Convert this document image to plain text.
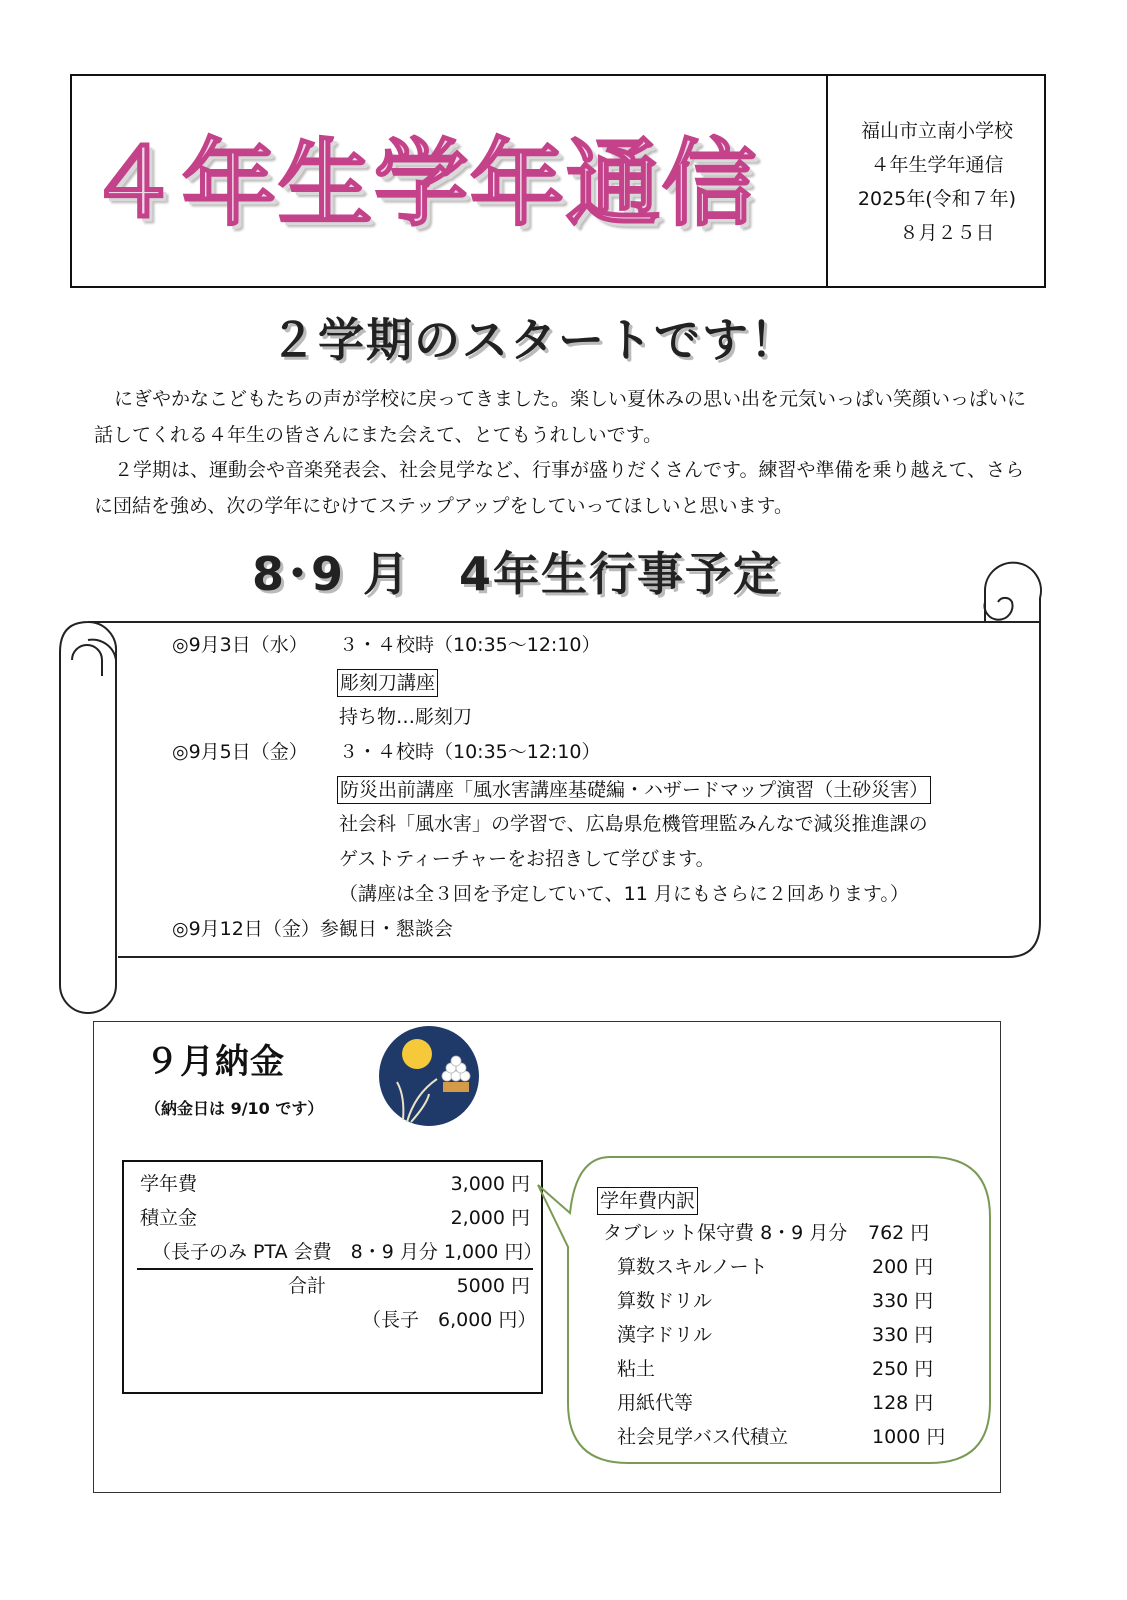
４年生学年通信	福山市立南小学校
４年生学年通信
2025年(令和７年)
８月２５日
２学期のスタートです！
にぎやかなこどもたちの声が学校に戻ってきました。楽しい夏休みの思い出を元気いっぱい笑顔いっぱいに話してくれる４年生の皆さんにまた会えて、とてもうれしいです。
２学期は、運動会や音楽発表会、社会見学など、行事が盛りだくさんです。練習や準備を乗り越えて、さらに団結を強め、次の学年にむけてステップアップをしていってほしいと思います。
8･9 月　4年生行事予定
◎9月3日（水） ３・４校時（10:35～12:10）
彫刻刀講座
持ち物…彫刻刀
◎9月5日（金） ３・４校時（10:35～12:10）
防災出前講座「風水害講座基礎編・ハザードマップ演習（土砂災害）
社会科「風水害」の学習で、広島県危機管理監みんなで減災推進課の
ゲストティーチャーをお招きして学びます。
（講座は全３回を予定していて、11 月にもさらに２回あります。）
◎9月12日（金）参観日・懇談会
９月納金
（納金日は 9/10 です）
学年費	3,000 円
積立金	2,000 円
（長子のみ PTA 会費　8・9 月分 1,000 円）
合計	5000 円
（長子　6,000 円）
学年費内訳
タブレット保守費 8・9 月分 762 円
算数スキルノート	200 円
算数ドリル	330 円
漢字ドリル	330 円
粘土	250 円
用紙代等	128 円
社会見学バス代積立	1000 円
